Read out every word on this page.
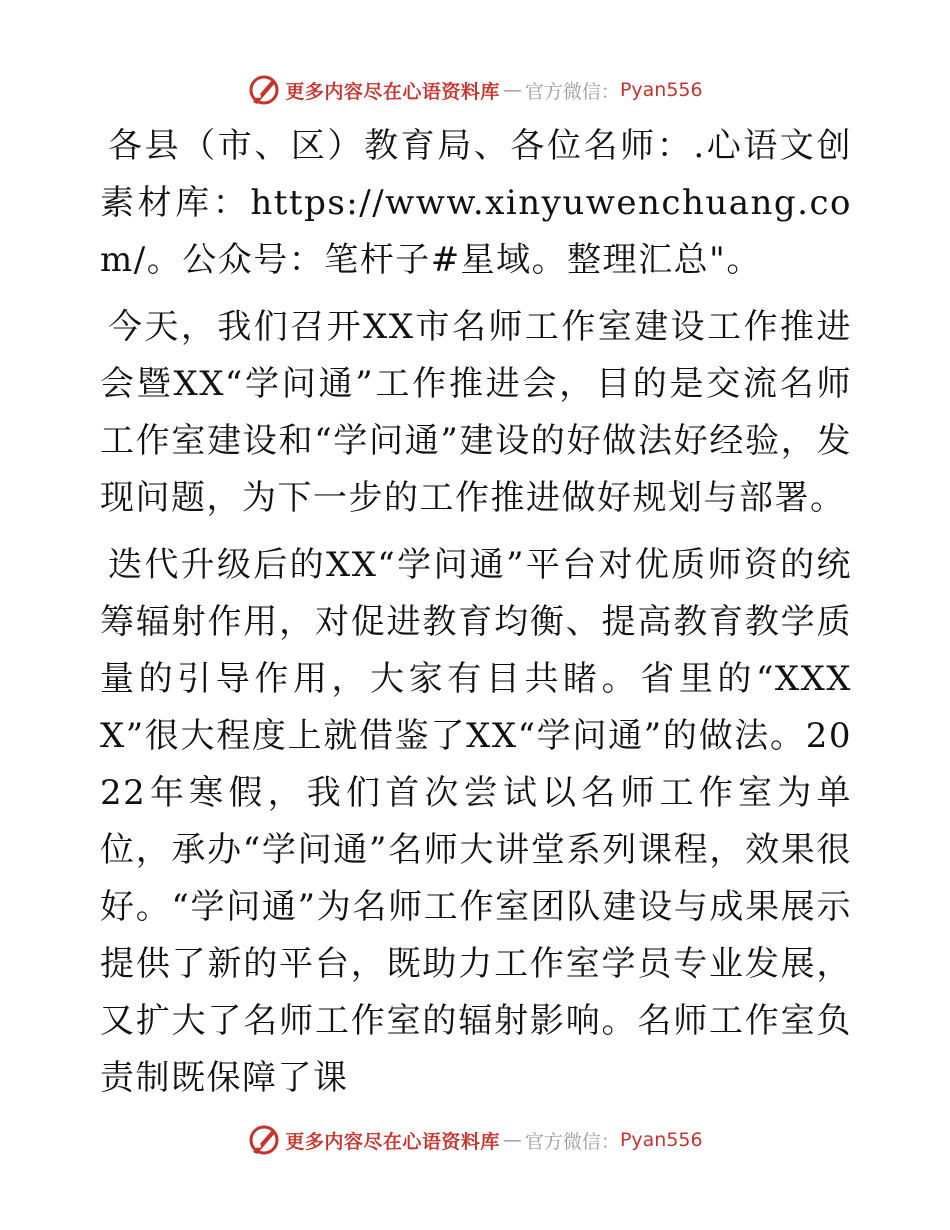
更多内容尽在心语资料库 — 官方微信： Pyan556

各县（市、区）教育局、各位名师：.心语文创素材库：https://www.xinyuwenchuang.com/。公众号：笔杆子#星域。整理汇总"。

今天，我们召开XX市名师工作室建设工作推进会暨XX“学问通”工作推进会，目的是交流名师工作室建设和“学问通”建设的好做法好经验，发现问题，为下一步的工作推进做好规划与部署。

迭代升级后的XX“学问通”平台对优质师资的统筹辐射作用，对促进教育均衡、提高教育教学质量的引导作用，大家有目共睹。省里的“XXXX”很大程度上就借鉴了XX“学问通”的做法。2022年寒假，我们首次尝试以名师工作室为单位，承办“学问通”名师大讲堂系列课程，效果很好。“学问通”为名师工作室团队建设与成果展示提供了新的平台，既助力工作室学员专业发展，又扩大了名师工作室的辐射影响。名师工作室负责制既保障了课

更多内容尽在心语资料库 — 官方微信： Pyan556
